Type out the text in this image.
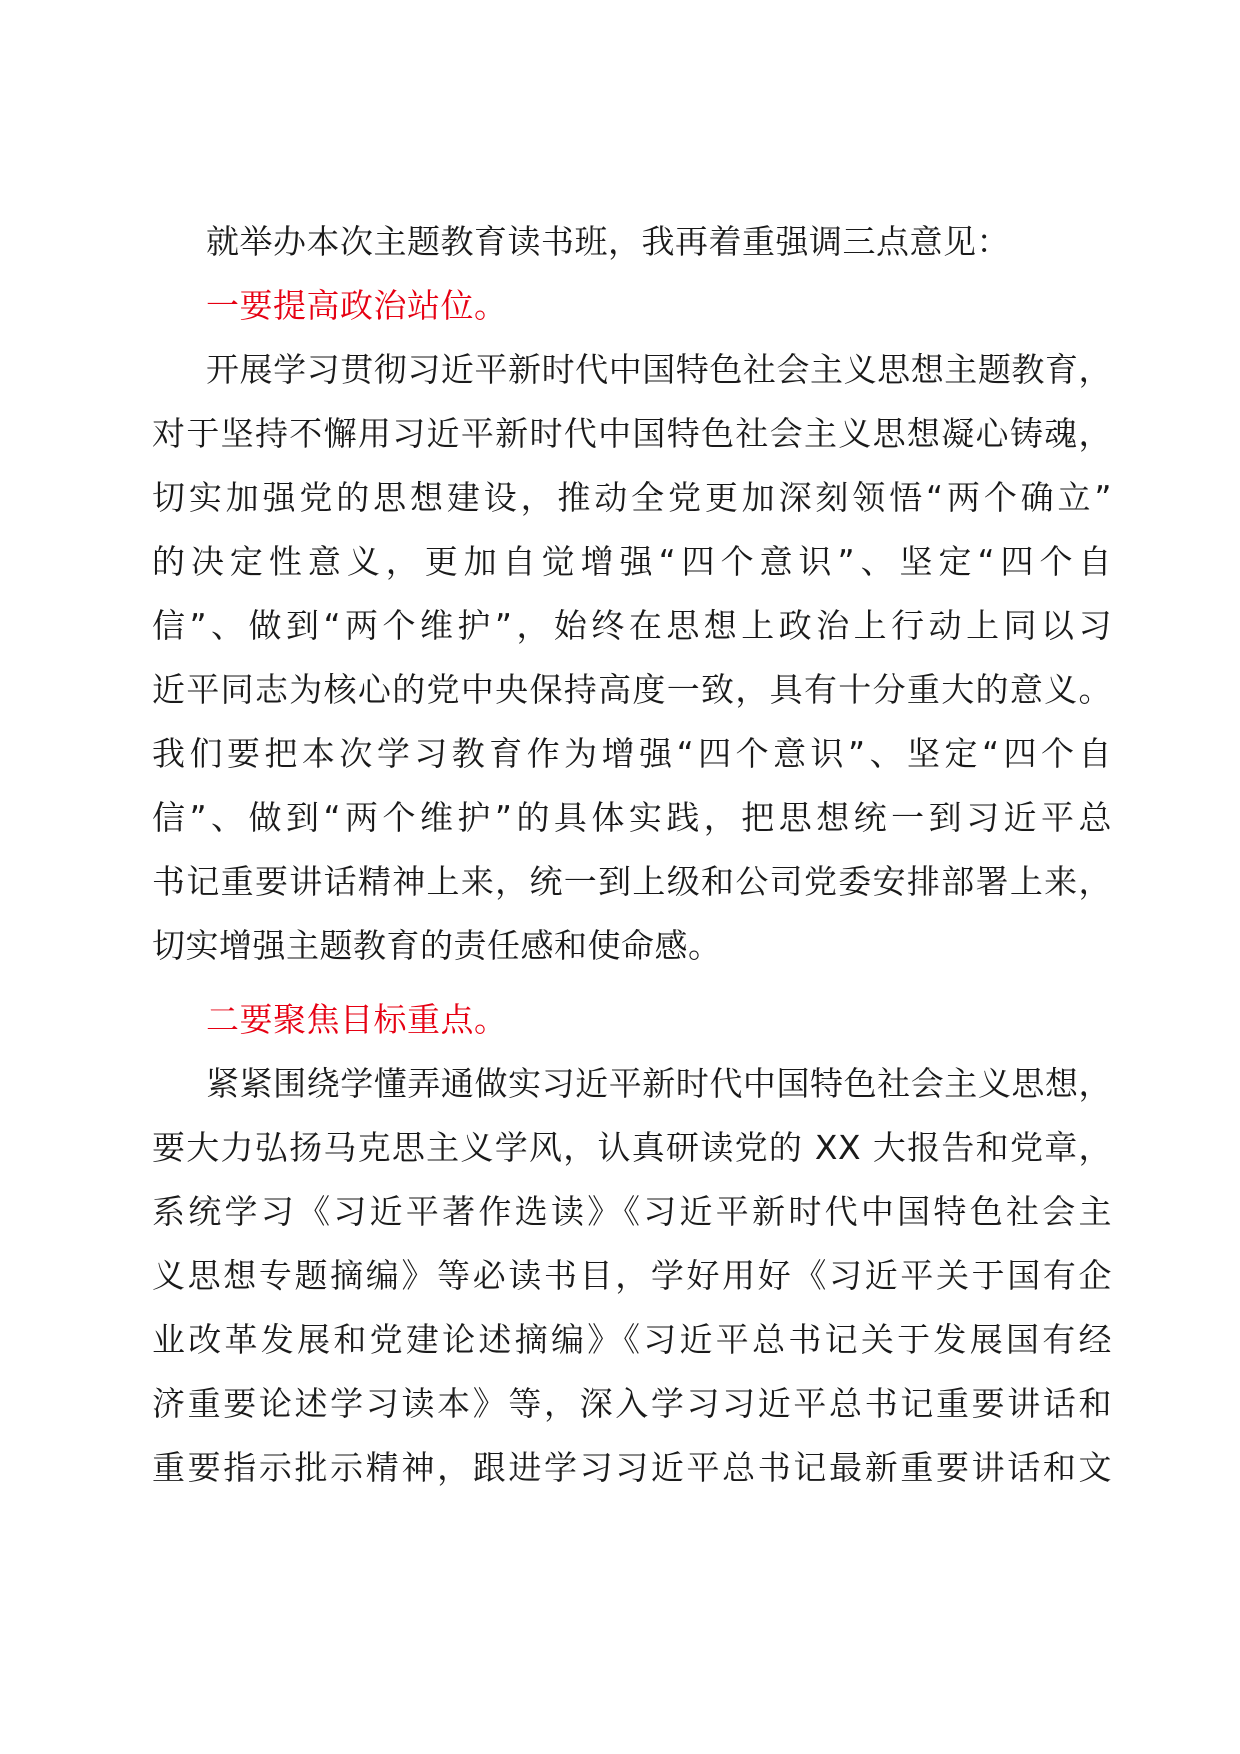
就举办本次主题教育读书班，我再着重强调三点意见：
一要提高政治站位。
开展学习贯彻习近平新时代中国特色社会主义思想主题教育，
对于坚持不懈用习近平新时代中国特色社会主义思想凝心铸魂，
切实加强党的思想建设，推动全党更加深刻领悟“两个确立”
的决定性意义，更加自觉增强“四个意识”、坚定“四个自
信”、做到“两个维护”，始终在思想上政治上行动上同以习
近平同志为核心的党中央保持高度一致，具有十分重大的意义。
我们要把本次学习教育作为增强“四个意识”、坚定“四个自
信”、做到“两个维护”的具体实践，把思想统一到习近平总
书记重要讲话精神上来，统一到上级和公司党委安排部署上来，
切实增强主题教育的责任感和使命感。
二要聚焦目标重点。
紧紧围绕学懂弄通做实习近平新时代中国特色社会主义思想，
要大力弘扬马克思主义学风，认真研读党的 XX 大报告和党章，
系统学习《习近平著作选读》《习近平新时代中国特色社会主
义思想专题摘编》等必读书目，学好用好《习近平关于国有企
业改革发展和党建论述摘编》《习近平总书记关于发展国有经
济重要论述学习读本》等，深入学习习近平总书记重要讲话和
重要指示批示精神，跟进学习习近平总书记最新重要讲话和文
